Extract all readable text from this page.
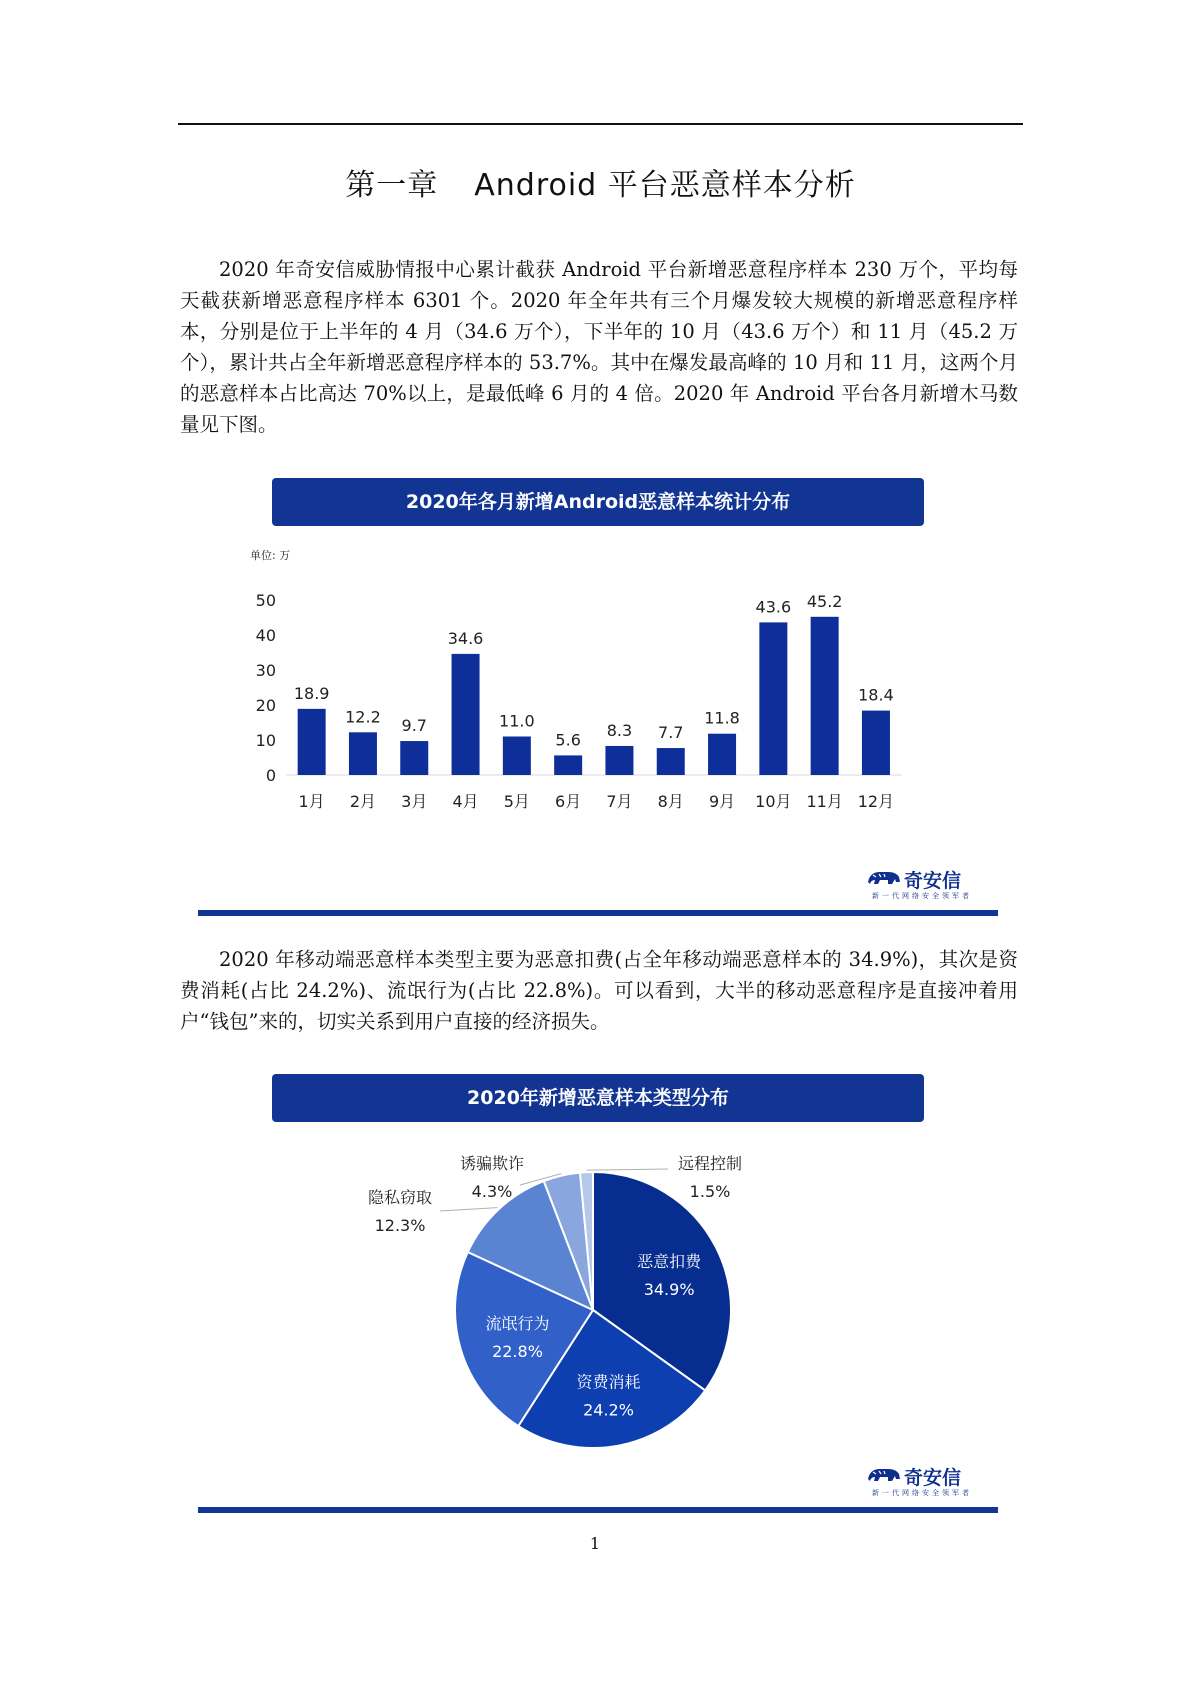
第一章 Android 平台恶意样本分析

2020 年奇安信威胁情报中心累计截获 Android 平台新增恶意程序样本 230 万个，平均每天截获新增恶意程序样本 6301 个。2020 年全年共有三个月爆发较大规模的新增恶意程序样本，分别是位于上半年的 4 月（34.6 万个），下半年的 10 月（43.6 万个）和 11 月（45.2 万个），累计共占全年新增恶意程序样本的 53.7%。其中在爆发最高峰的 10 月和 11 月，这两个月的恶意样本占比高达 70%以上，是最低峰 6 月的 4 倍。2020 年 Android 平台各月新增木马数量见下图。

2020年各月新增Android恶意样本统计分布
单位: 万
0
10
20
30
40
50
18.9
1月
12.2
2月
9.7
3月
34.6
4月
11.0
5月
5.6
6月
8.3
7月
7.7
8月
11.8
9月
43.6
10月
45.2
11月
18.4
12月
奇安信
新一代网络安全领军者

2020 年移动端恶意样本类型主要为恶意扣费(占全年移动端恶意样本的 34.9%)，其次是资费消耗(占比 24.2%)、流氓行为(占比 22.8%)。可以看到，大半的移动恶意程序是直接冲着用户“钱包”来的，切实关系到用户直接的经济损失。

2020年新增恶意样本类型分布
恶意扣费
34.9%
资费消耗
24.2%
流氓行为
22.8%
隐私窃取
12.3%
诱骗欺诈
4.3%
远程控制
1.5%
奇安信
新一代网络安全领军者
1
